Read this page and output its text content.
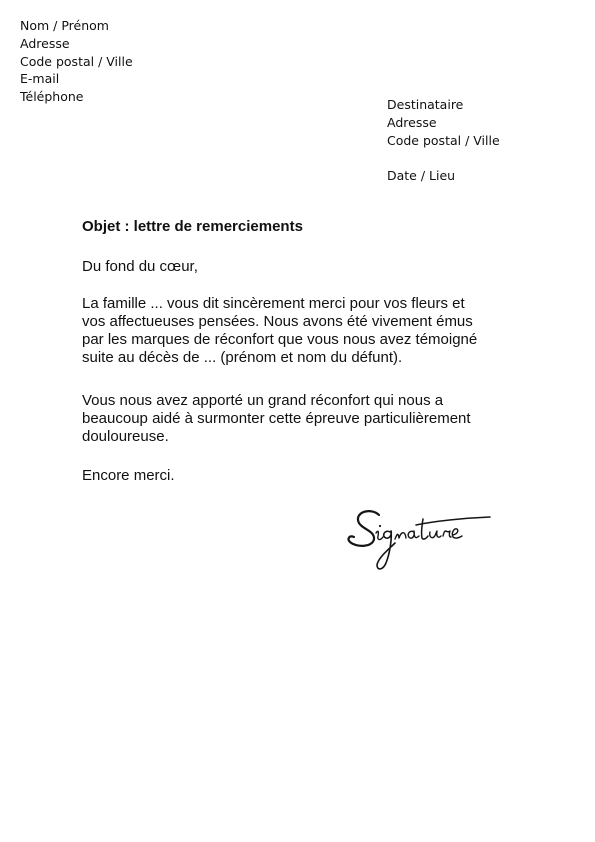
Nom / Prénom
Adresse
Code postal / Ville
E-mail
Téléphone
Destinataire
Adresse
Code postal / Ville
Date / Lieu
Objet : lettre de remerciements
Du fond du cœur,
La famille ... vous dit sincèrement merci pour vos fleurs et
vos affectueuses pensées. Nous avons été vivement émus
par les marques de réconfort que vous nous avez témoigné
suite au décès de ... (prénom et nom du défunt).
Vous nous avez apporté un grand réconfort qui nous a
beaucoup aidé à surmonter cette épreuve particulièrement
douloureuse.
Encore merci.
